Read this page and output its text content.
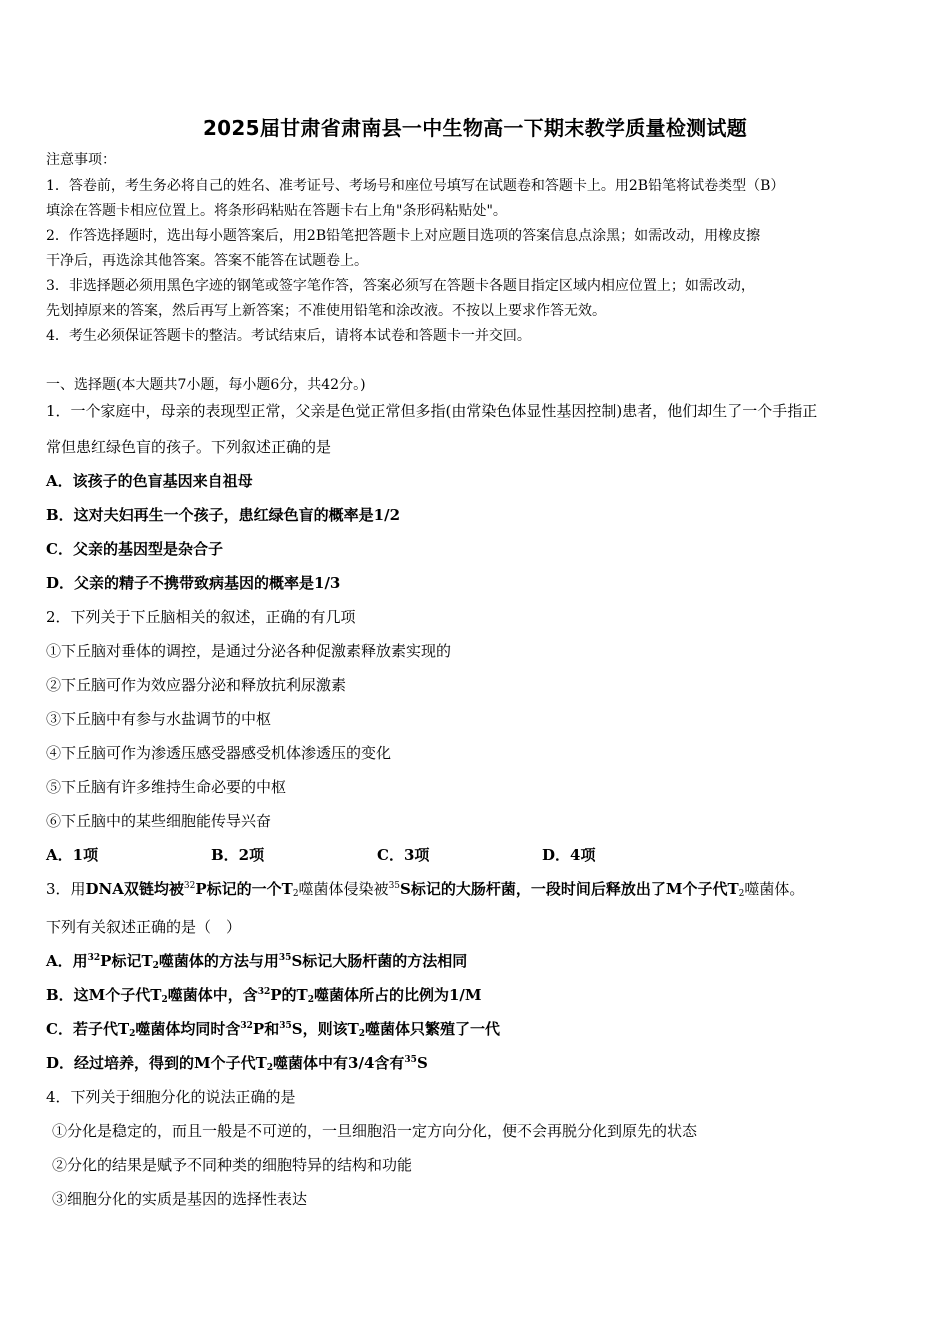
2025届甘肃省肃南县一中生物高一下期末教学质量检测试题
注意事项：
1．答卷前，考生务必将自己的姓名、准考证号、考场号和座位号填写在试题卷和答题卡上。用2B铅笔将试卷类型（B）
填涂在答题卡相应位置上。将条形码粘贴在答题卡右上角"条形码粘贴处"。
2．作答选择题时，选出每小题答案后，用2B铅笔把答题卡上对应题目选项的答案信息点涂黑；如需改动，用橡皮擦
干净后，再选涂其他答案。答案不能答在试题卷上。
3．非选择题必须用黑色字迹的钢笔或签字笔作答，答案必须写在答题卡各题目指定区域内相应位置上；如需改动，
先划掉原来的答案，然后再写上新答案；不准使用铅笔和涂改液。不按以上要求作答无效。
4．考生必须保证答题卡的整洁。考试结束后，请将本试卷和答题卡一并交回。
一、选择题(本大题共7小题，每小题6分，共42分。)
1．一个家庭中，母亲的表现型正常，父亲是色觉正常但多指(由常染色体显性基因控制)患者，他们却生了一个手指正
常但患红绿色盲的孩子。下列叙述正确的是
A．该孩子的色盲基因来自祖母
B．这对夫妇再生一个孩子，患红绿色盲的概率是1/2
C．父亲的基因型是杂合子
D．父亲的精子不携带致病基因的概率是1/3
2．下列关于下丘脑相关的叙述，正确的有几项
①下丘脑对垂体的调控，是通过分泌各种促激素释放素实现的
②下丘脑可作为效应器分泌和释放抗利尿激素
③下丘脑中有参与水盐调节的中枢
④下丘脑可作为渗透压感受器感受机体渗透压的变化
⑤下丘脑有许多维持生命必要的中枢
⑥下丘脑中的某些细胞能传导兴奋
A．1项	B．2项	C．3项	D．4项
3．用DNA双链均被$^{32}$P标记的一个$T_2$噬菌体侵染被$^{35}$S标记的大肠杆菌，一段时间后释放出了M个子代$T_2$噬菌体。
下列有关叙述正确的是（　）
A．用$^{32}$P标记$T_2$噬菌体的方法与用$^{35}$S标记大肠杆菌的方法相同
B．这M个子代$T_2$噬菌体中，含$^{32}$P的$T_2$噬菌体所占的比例为1/M
C．若子代$T_2$噬菌体均同时含$^{32}$P和$^{35}$S，则该$T_2$噬菌体只繁殖了一代
D．经过培养，得到的M个子代$T_2$噬菌体中有3/4含有$^{35}$S
4．下列关于细胞分化的说法正确的是
①分化是稳定的，而且一般是不可逆的，一旦细胞沿一定方向分化，便不会再脱分化到原先的状态
②分化的结果是赋予不同种类的细胞特异的结构和功能
③细胞分化的实质是基因的选择性表达
